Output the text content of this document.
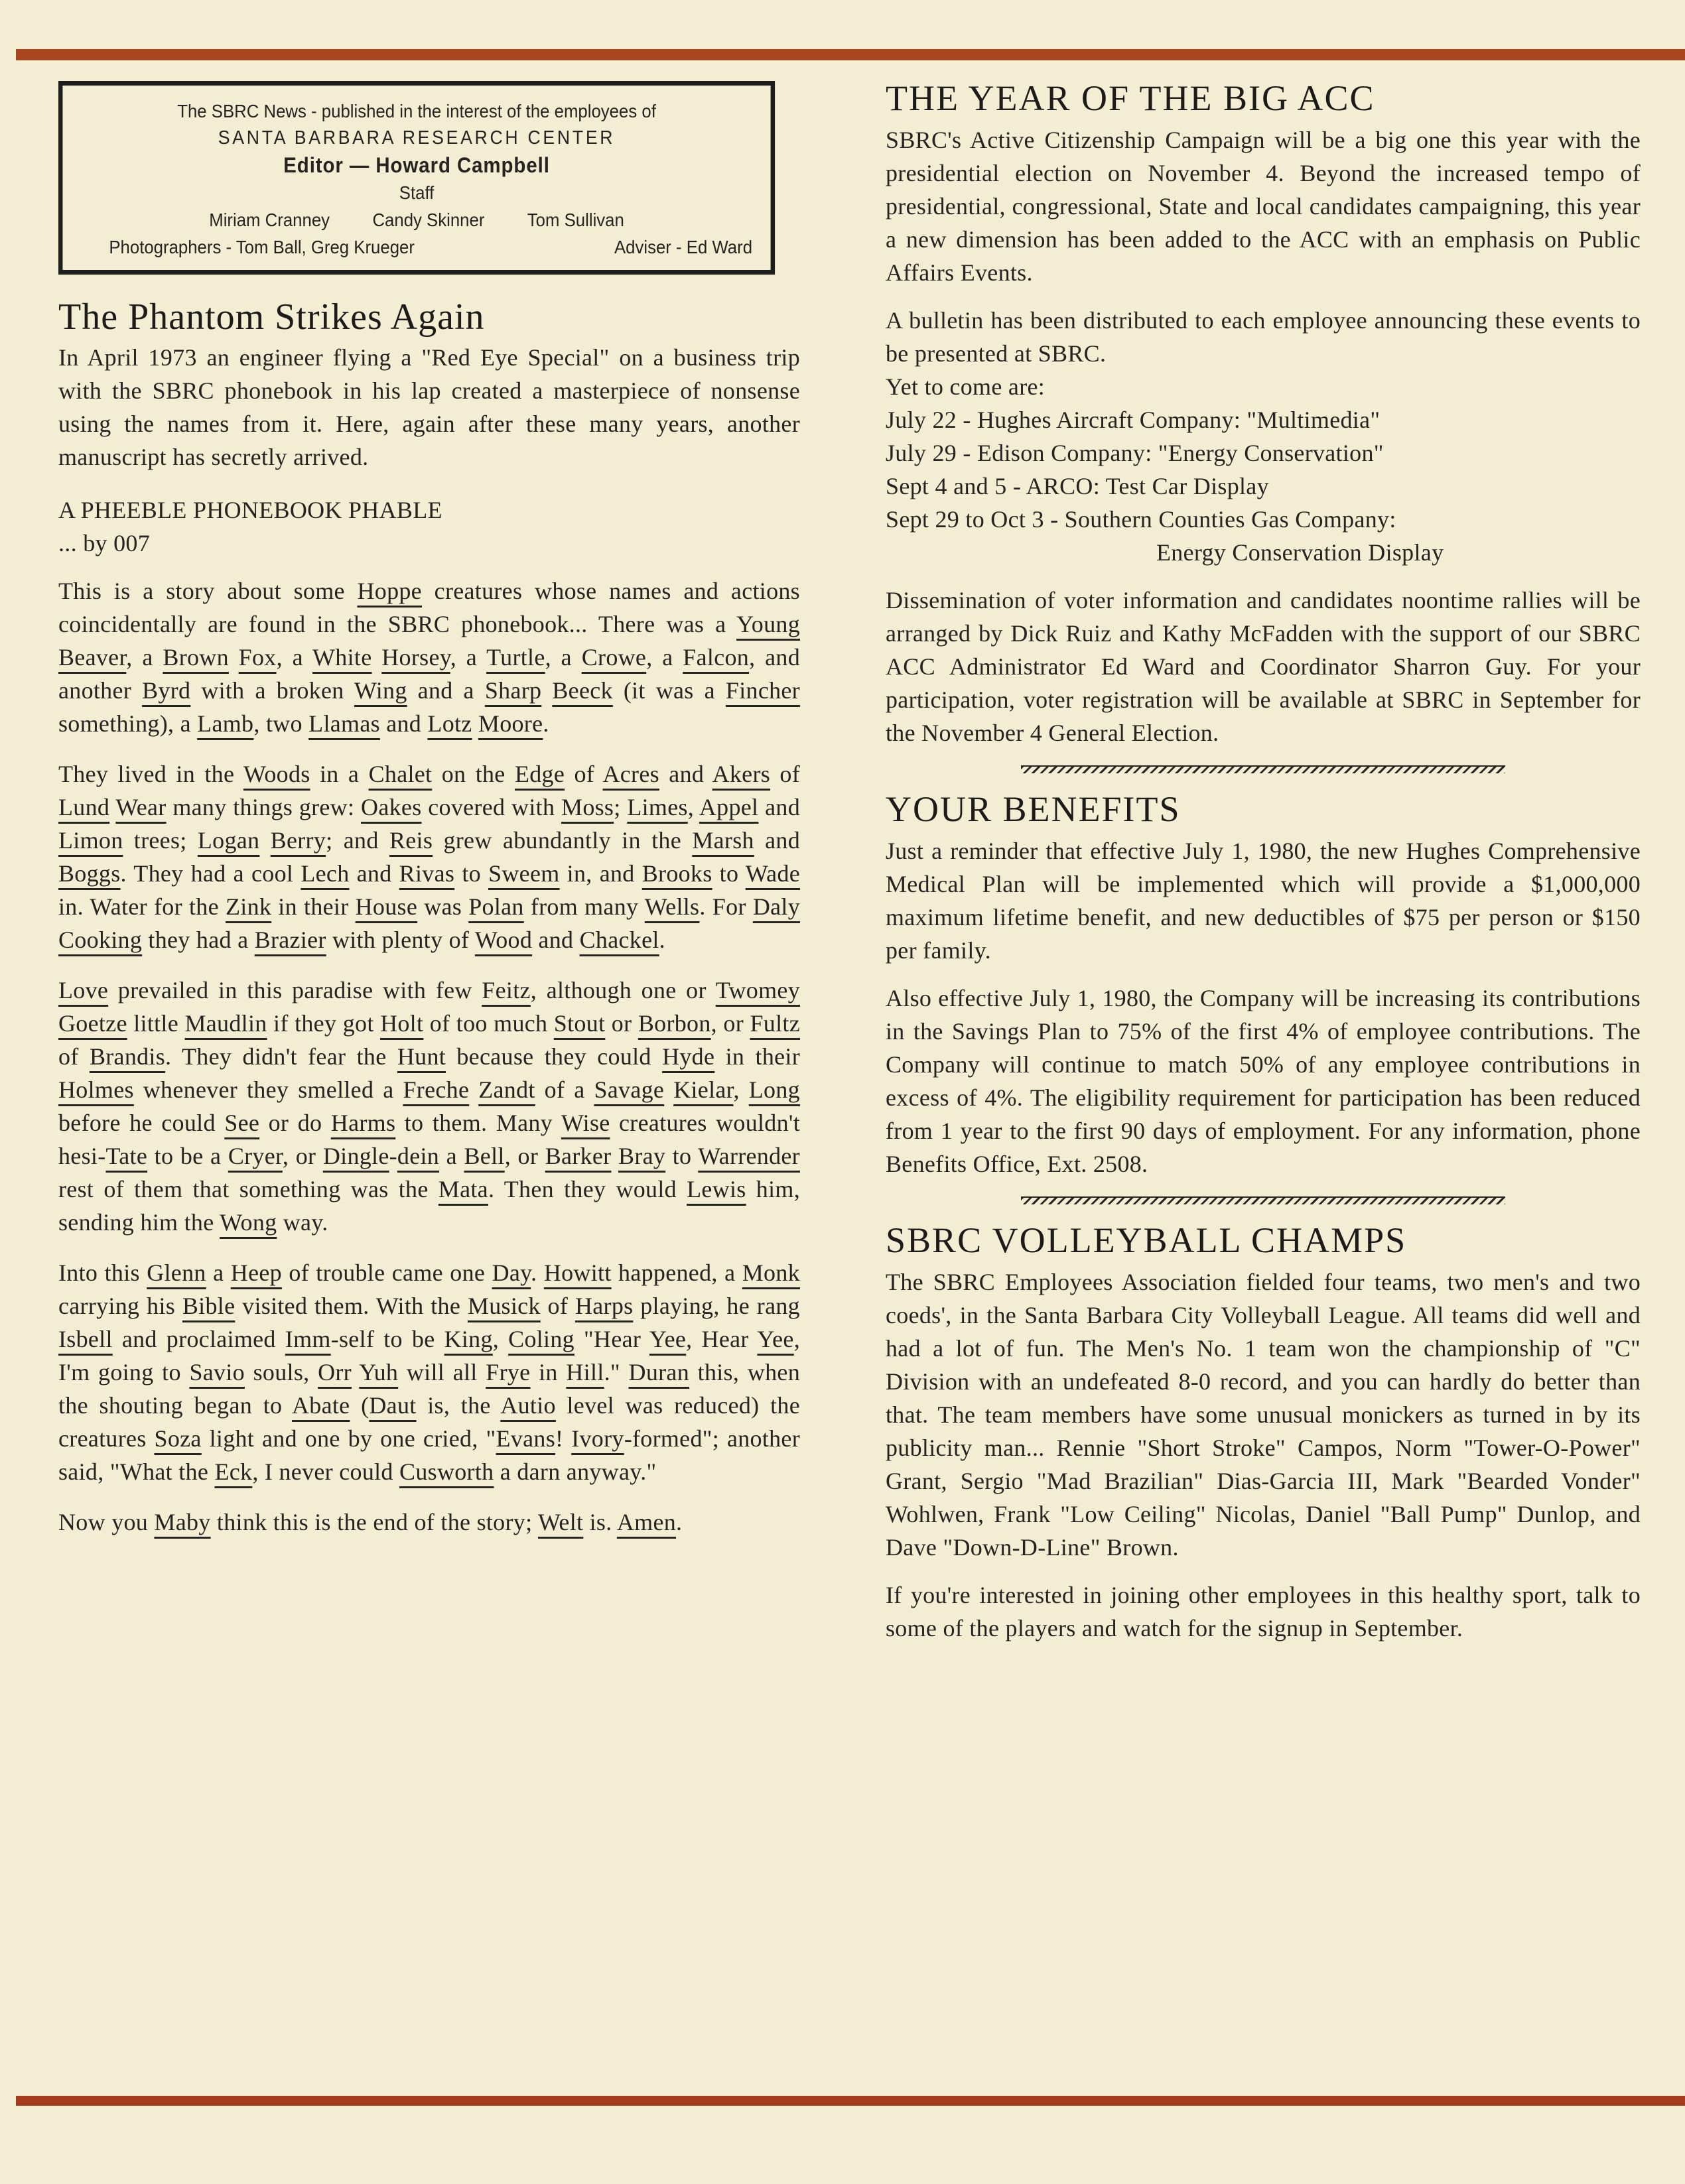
The SBRC News - published in the interest of the employees of
SANTA BARBARA RESEARCH CENTER
Editor — Howard Campbell
Staff
Miriam Cranney Candy Skinner Tom Sullivan
Photographers - Tom Ball, Greg Krueger	Adviser - Ed Ward
The Phantom Strikes Again

In April 1973 an engineer flying a "Red Eye Special" on a business trip with the SBRC phonebook in his lap created a masterpiece of nonsense using the names from it. Here, again after these many years, another manuscript has secretly arrived.

A PHEEBLE PHONEBOOK PHABLE

... by 007

This is a story about some Hoppe creatures whose names and actions coincidentally are found in the SBRC phonebook... There was a Young Beaver, a Brown Fox, a White Horsey, a Turtle, a Crowe, a Falcon, and another Byrd with a broken Wing and a Sharp Beeck (it was a Fincher something), a Lamb, two Llamas and Lotz Moore.

They lived in the Woods in a Chalet on the Edge of Acres and Akers of Lund Wear many things grew: Oakes covered with Moss; Limes, Appel and Limon trees; Logan Berry; and Reis grew abundantly in the Marsh and Boggs. They had a cool Lech and Rivas to Sweem in, and Brooks to Wade in. Water for the Zink in their House was Polan from many Wells. For Daly Cooking they had a Brazier with plenty of Wood and Chackel.

Love prevailed in this paradise with few Feitz, although one or Twomey Goetze little Maudlin if they got Holt of too much Stout or Borbon, or Fultz of Brandis. They didn't fear the Hunt because they could Hyde in their Holmes whenever they smelled a Freche Zandt of a Savage Kielar, Long before he could See or do Harms to them. Many Wise creatures wouldn't hesi-Tate to be a Cryer, or Dingle-dein a Bell, or Barker Bray to Warrender rest of them that something was the Mata. Then they would Lewis him, sending him the Wong way.

Into this Glenn a Heep of trouble came one Day. Howitt happened, a Monk carrying his Bible visited them. With the Musick of Harps playing, he rang Isbell and proclaimed Imm-self to be King, Coling "Hear Yee, Hear Yee, I'm going to Savio souls, Orr Yuh will all Frye in Hill." Duran this, when the shouting began to Abate (Daut is, the Autio level was reduced) the creatures Soza light and one by one cried, "Evans! Ivory-formed"; another said, "What the Eck, I never could Cusworth a darn anyway."

Now you Maby think this is the end of the story; Welt is. Amen.

THE YEAR OF THE BIG ACC

SBRC's Active Citizenship Campaign will be a big one this year with the presidential election on November 4. Beyond the increased tempo of presidential, congressional, State and local candidates campaigning, this year a new dimension has been added to the ACC with an emphasis on Public Affairs Events.

A bulletin has been distributed to each employee announcing these events to be presented at SBRC.

Yet to come are:

July 22 - Hughes Aircraft Company: "Multimedia"

July 29 - Edison Company: "Energy Conservation"

Sept 4 and 5 - ARCO: Test Car Display

Sept 29 to Oct 3 - Southern Counties Gas Company:

Energy Conservation Display

Dissemination of voter information and candidates noontime rallies will be arranged by Dick Ruiz and Kathy McFadden with the support of our SBRC ACC Administrator Ed Ward and Coordinator Sharron Guy. For your participation, voter registration will be available at SBRC in September for the November 4 General Election.

YOUR BENEFITS

Just a reminder that effective July 1, 1980, the new Hughes Comprehensive Medical Plan will be implemented which will provide a $1,000,000 maximum lifetime benefit, and new deductibles of $75 per person or $150 per family.

Also effective July 1, 1980, the Company will be increasing its contributions in the Savings Plan to 75% of the first 4% of employee contributions. The Company will continue to match 50% of any employee contributions in excess of 4%. The eligibility requirement for participation has been reduced from 1 year to the first 90 days of employment. For any information, phone Benefits Office, Ext. 2508.

SBRC VOLLEYBALL CHAMPS

The SBRC Employees Association fielded four teams, two men's and two coeds', in the Santa Barbara City Volleyball League. All teams did well and had a lot of fun. The Men's No. 1 team won the championship of "C" Division with an undefeated 8-0 record, and you can hardly do better than that. The team members have some unusual monickers as turned in by its publicity man... Rennie "Short Stroke" Campos, Norm "Tower-O-Power" Grant, Sergio "Mad Brazilian" Dias-Garcia III, Mark "Bearded Vonder" Wohlwen, Frank "Low Ceiling" Nicolas, Daniel "Ball Pump" Dunlop, and Dave "Down-D-Line" Brown.

If you're interested in joining other employees in this healthy sport, talk to some of the players and watch for the signup in September.
